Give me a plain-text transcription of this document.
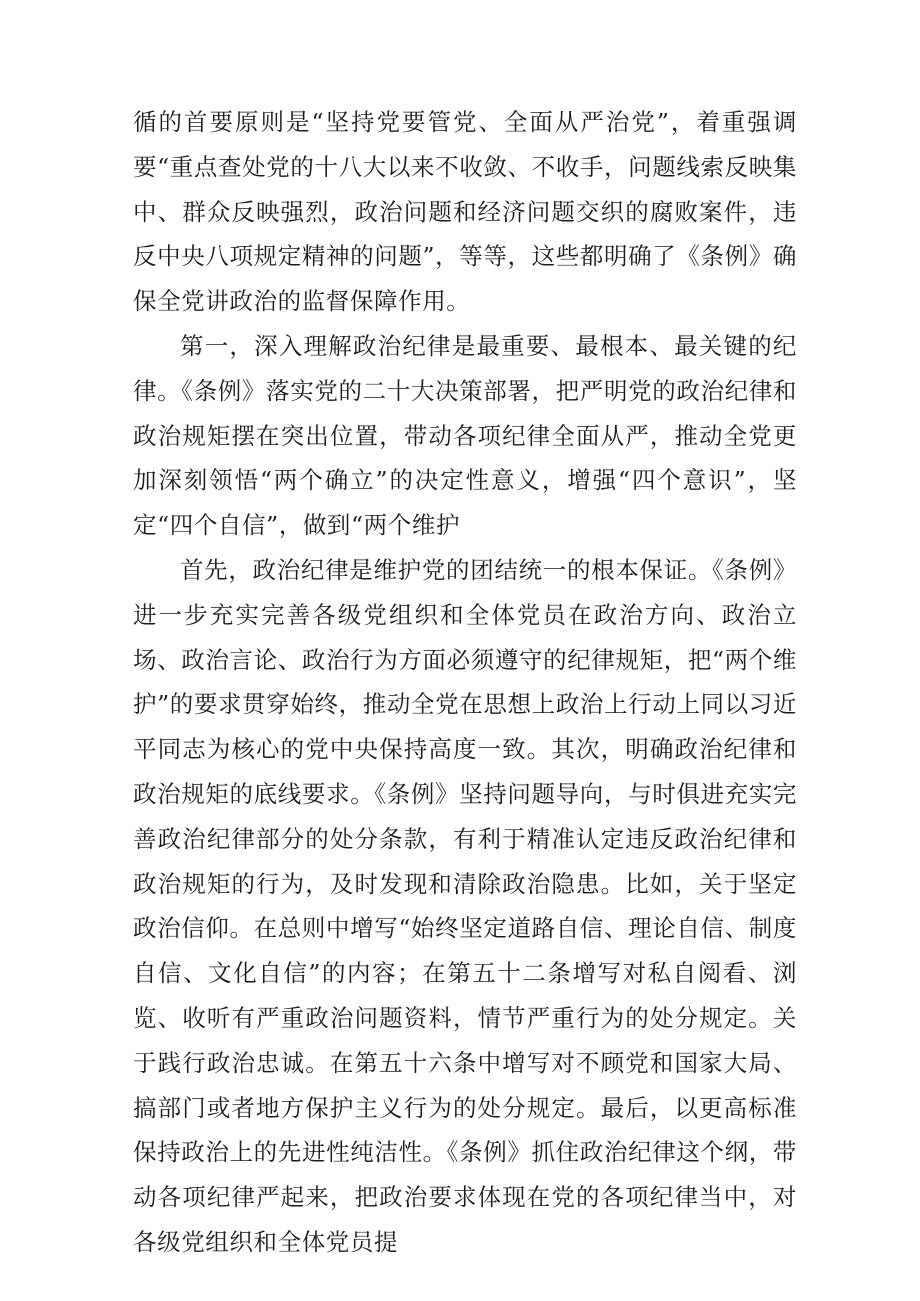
循的首要原则是“坚持党要管党、全面从严治党”，着重强调要“重点查处党的十八大以来不收敛、不收手，问题线索反映集中、群众反映强烈，政治问题和经济问题交织的腐败案件，违反中央八项规定精神的问题”，等等，这些都明确了《条例》确保全党讲政治的监督保障作用。

第一，深入理解政治纪律是最重要、最根本、最关键的纪律。《条例》落实党的二十大决策部署，把严明党的政治纪律和政治规矩摆在突出位置，带动各项纪律全面从严，推动全党更加深刻领悟“两个确立”的决定性意义，增强“四个意识”，坚定“四个自信”，做到“两个维护

首先，政治纪律是维护党的团结统一的根本保证。《条例》进一步充实完善各级党组织和全体党员在政治方向、政治立场、政治言论、政治行为方面必须遵守的纪律规矩，把“两个维护”的要求贯穿始终，推动全党在思想上政治上行动上同以习近平同志为核心的党中央保持高度一致。其次，明确政治纪律和政治规矩的底线要求。《条例》坚持问题导向，与时俱进充实完善政治纪律部分的处分条款，有利于精准认定违反政治纪律和政治规矩的行为，及时发现和清除政治隐患。比如，关于坚定政治信仰。在总则中增写“始终坚定道路自信、理论自信、制度自信、文化自信”的内容；在第五十二条增写对私自阅看、浏览、收听有严重政治问题资料，情节严重行为的处分规定。关于践行政治忠诚。在第五十六条中增写对不顾党和国家大局、搞部门或者地方保护主义行为的处分规定。最后，以更高标准保持政治上的先进性纯洁性。《条例》抓住政治纪律这个纲，带动各项纪律严起来，把政治要求体现在党的各项纪律当中，对各级党组织和全体党员提
